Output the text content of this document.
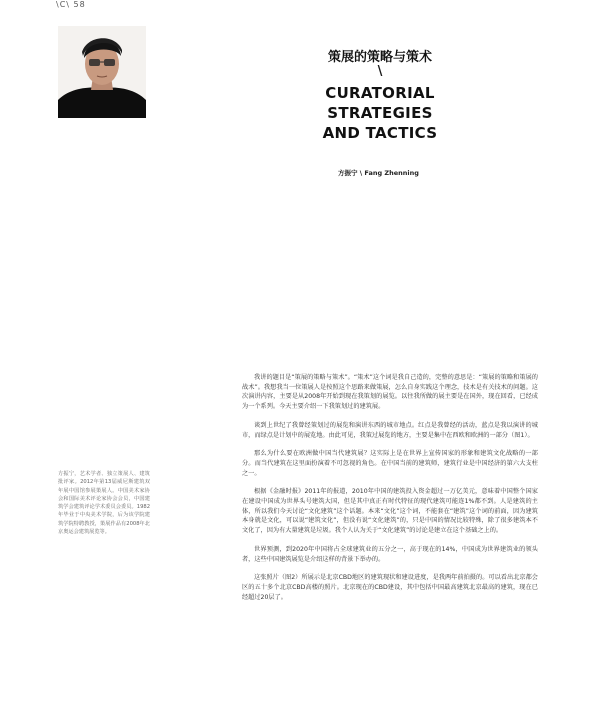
\C\ 58
策展的策略与策术
\
CURATORIAL STRATEGIES
AND TACTICS
方振宁 \ Fang Zhenning
方振宁，艺术学者、独立策展人、建筑批评家。2012年第13届威尼斯建筑双年展中国馆参展策展人。中国美术家协会和国际美术评论家协会会员，中国建筑学会建筑评论学术委员会委员。1982年毕业于中央美术学院，后为该学院建筑学院特聘教授，策展作品有2008年北京奥运会建筑展览等。

我讲的题目是“策展的策略与策术”。“策术”这个词是我自己造的，完整的意思是：“策展的策略和策展的战术”。我想我当一位策展人是按照这个思路来做策展，怎么自身实践这个理念，技术是有关技术的问题。这次演讲内容，主要是从2008年开始到现在我策划的展览。以往我所做的展主要是在国外，现在回看，已经成为一个系列。今天主要介绍一下我策划过的建筑展。

谈到上世纪了我曾经策划过的展览和演讲东西的城市地点。红点是我曾经的活动，蓝点是我以演讲的城市，而绿点是计划中的展览地。由此可见，我策过展览的地方，主要是集中在西欧和欧洲的一部分（图1）。

那么为什么要在欧洲做中国当代建筑展？这实际上是在世界上宣传国家的形象和建筑文化战略的一部分。而当代建筑在这里面扮演着不可忽视的角色。在中国当前的建筑师，建筑行业是中国经济的第六大支柱之一。

根据《金融时报》2011年的报道，2010年中国的建筑投入资金超过一万亿美元，意味着中国整个国家在建设中国成为世界头号建筑大国，但是其中真正有时代特征的现代建筑可能连1%都不到。人是建筑的主体，所以我们今天讨论“文化建筑”这个话题。本来“文化”这个词，不能套在“建筑”这个词的前面，因为建筑本身就是文化，可以说“建筑文化”，但没有说“文化建筑”的，只是中国的情况比较特殊，除了很多建筑本不文化了，因为有大量建筑是垃圾。我个人认为关于“文化建筑”的讨论是建立在这个基础之上的。

世界预测，到2020年中国将占全球建筑业的五分之一，高于现在的14%，中国成为世界建筑业的领头者，这些中国建筑展览是介绍这样的背景下举办的。

这张照片（图2）所展示是北京CBD地区的建筑现状和建设进度，是我两年前拍摄的。可以看出北京都会区的五十多个北京CBD高楼的照片。北京现在的CBD建设，其中包括中国最高建筑北京最高的建筑，现在已经超过20层了。
